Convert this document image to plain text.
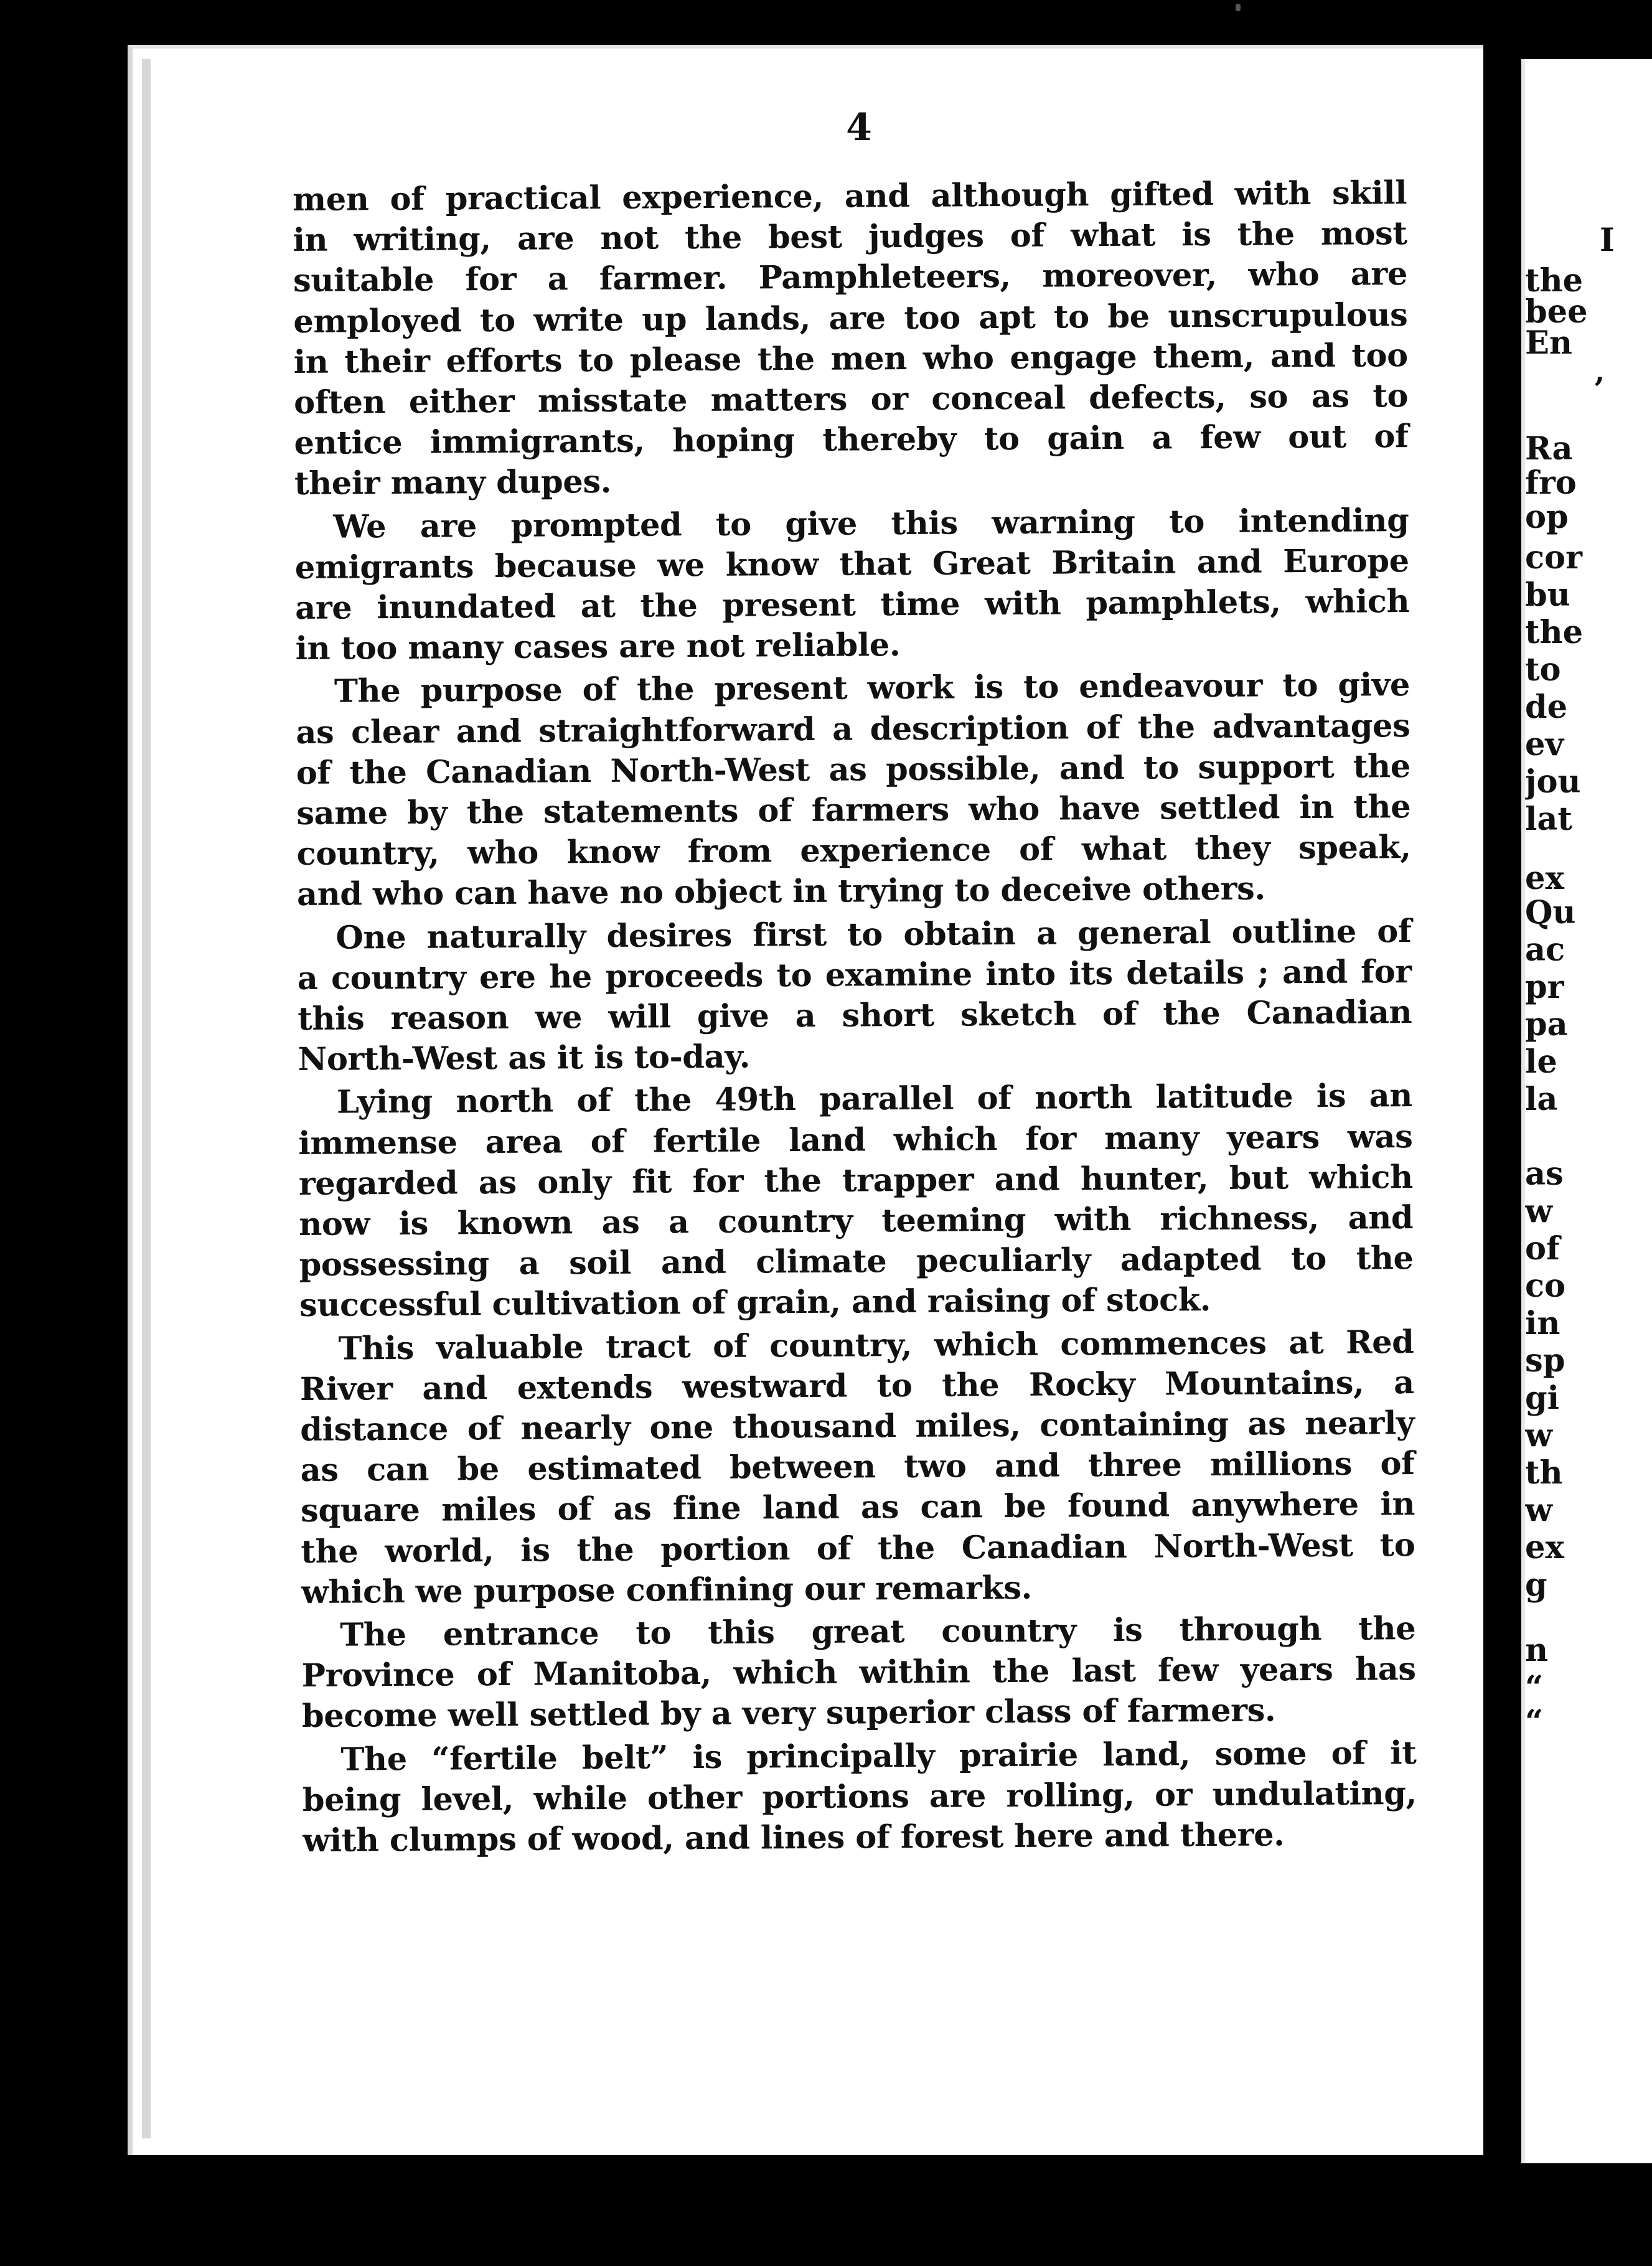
4
men of practical experience, and although gifted with skill
in writing, are not the best judges of what is the most
suitable for a farmer. Pamphleteers, moreover, who are
employed to write up lands, are too apt to be unscrupulous
in their efforts to please the men who engage them, and too
often either misstate matters or conceal defects, so as to
entice immigrants, hoping thereby to gain a few out of
their many dupes.
We are prompted to give this warning to intending
emigrants because we know that Great Britain and Europe
are inundated at the present time with pamphlets, which
in too many cases are not reliable.
The purpose of the present work is to endeavour to give
as clear and straightforward a description of the advantages
of the Canadian North-West as possible, and to support the
same by the statements of farmers who have settled in the
country, who know from experience of what they speak,
and who can have no object in trying to deceive others.
One naturally desires first to obtain a general outline of
a country ere he proceeds to examine into its details ; and for
this reason we will give a short sketch of the Canadian
North-West as it is to-day.
Lying north of the 49th parallel of north latitude is an
immense area of fertile land which for many years was
regarded as only fit for the trapper and hunter, but which
now is known as a country teeming with richness, and
possessing a soil and climate peculiarly adapted to the
successful cultivation of grain, and raising of stock.
This valuable tract of country, which commences at Red
River and extends westward to the Rocky Mountains, a
distance of nearly one thousand miles, containing as nearly
as can be estimated between two and three millions of
square miles of as fine land as can be found anywhere in
the world, is the portion of the Canadian North-West to
which we purpose confining our remarks.
The entrance to this great country is through the
Province of Manitoba, which within the last few years has
become well settled by a very superior class of farmers.
The “fertile belt” is principally prairie land, some of it
being level, while other portions are rolling, or undulating,
with clumps of wood, and lines of forest here and there.
I
the
bee
En
’
Ra
fro
op
cor
bu
the
to
de
ev
jou
lat
ex
Qu
ac
pr
pa
le
la
as
w
of
co
in
sp
gi
w
th
w
ex
g
n
“
“
